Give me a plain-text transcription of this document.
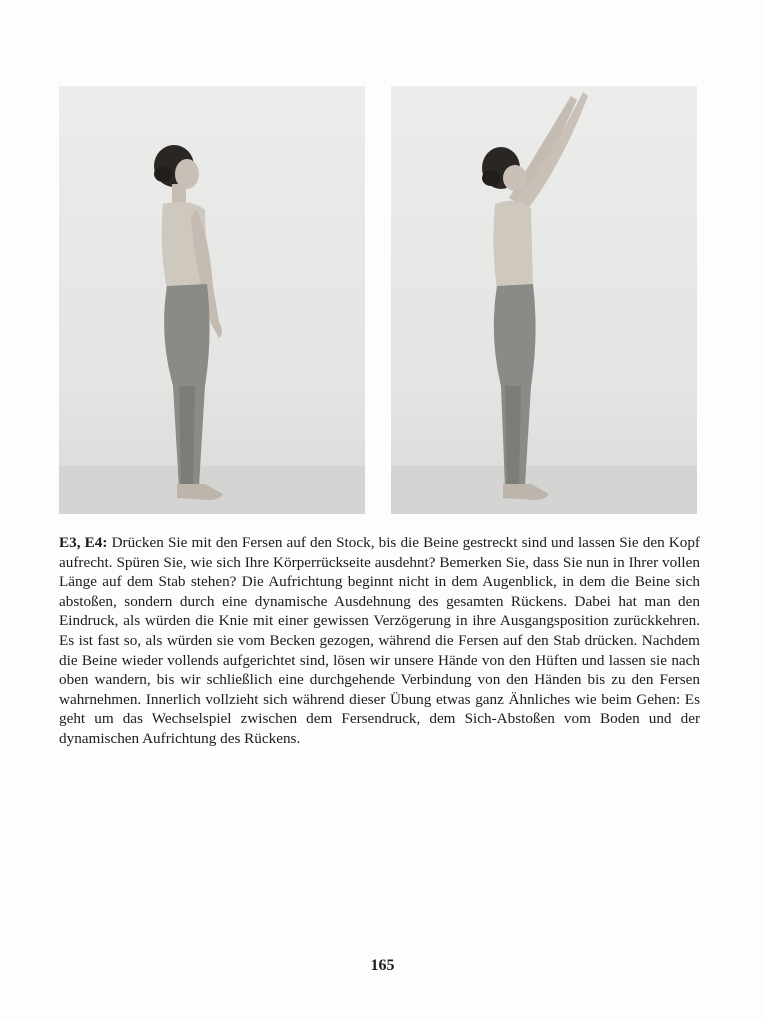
E3, E4: Drücken Sie mit den Fersen auf den Stock, bis die Beine gestreckt sind und lassen Sie den Kopf aufrecht. Spüren Sie, wie sich Ihre Körperrückseite ausdehnt? Bemerken Sie, dass Sie nun in Ihrer vollen Länge auf dem Stab stehen? Die Aufrichtung beginnt nicht in dem Augenblick, in dem die Beine sich abstoßen, sondern durch eine dynamische Ausdehnung des gesamten Rückens. Dabei hat man den Eindruck, als würden die Knie mit einer gewissen Verzögerung in ihre Ausgangsposition zurückkehren. Es ist fast so, als würden sie vom Becken gezogen, während die Fersen auf den Stab drücken. Nachdem die Beine wieder vollends aufgerichtet sind, lösen wir unsere Hände von den Hüften und lassen sie nach oben wandern, bis wir schließlich eine durchgehende Verbindung von den Händen bis zu den Fersen wahrnehmen. Innerlich vollzieht sich während dieser Übung etwas ganz Ähnliches wie beim Gehen: Es geht um das Wechselspiel zwischen dem Fersendruck, dem Sich-Abstoßen vom Boden und der dynamischen Aufrichtung des Rückens.
165
